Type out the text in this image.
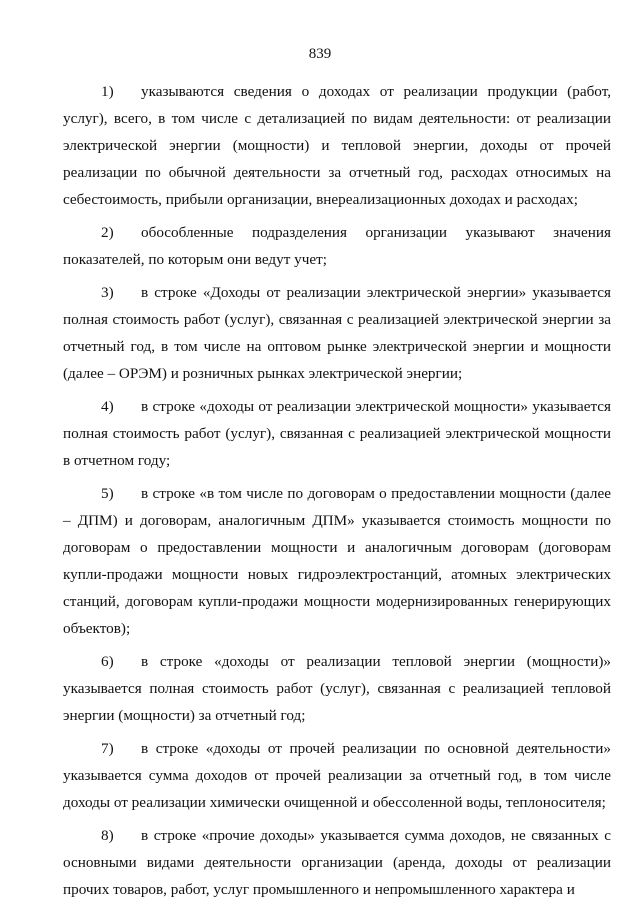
839

1) указываются сведения о доходах от реализации продукции (работ, услуг), всего, в том числе с детализацией по видам деятельности: от реализации электрической энергии (мощности) и тепловой энергии, доходы от прочей реализации по обычной деятельности за отчетный год, расходах относимых на себестоимость, прибыли организации, внереализационных доходах и расходах;

2) обособленные подразделения организации указывают значения показателей, по которым они ведут учет;

3) в строке «Доходы от реализации электрической энергии» указывается полная стоимость работ (услуг), связанная с реализацией электрической энергии за отчетный год, в том числе на оптовом рынке электрической энергии и мощности (далее – ОРЭМ) и розничных рынках электрической энергии;

4) в строке «доходы от реализации электрической мощности» указывается полная стоимость работ (услуг), связанная с реализацией электрической мощности в отчетном году;

5) в строке «в том числе по договорам о предоставлении мощности (далее – ДПМ) и договорам, аналогичным ДПМ» указывается стоимость мощности по договорам о предоставлении мощности и аналогичным договорам (договорам купли-продажи мощности новых гидроэлектростанций, атомных электрических станций, договорам купли-продажи мощности модернизированных генерирующих объектов);

6) в строке «доходы от реализации тепловой энергии (мощности)» указывается полная стоимость работ (услуг), связанная с реализацией тепловой энергии (мощности) за отчетный год;

7) в строке «доходы от прочей реализации по основной деятельности» указывается сумма доходов от прочей реализации за отчетный год, в том числе доходы от реализации химически очищенной и обессоленной воды, теплоносителя;

8) в строке «прочие доходы» указывается сумма доходов, не связанных с основными видами деятельности организации (аренда, доходы от реализации прочих товаров, работ, услуг промышленного и непромышленного характера и
